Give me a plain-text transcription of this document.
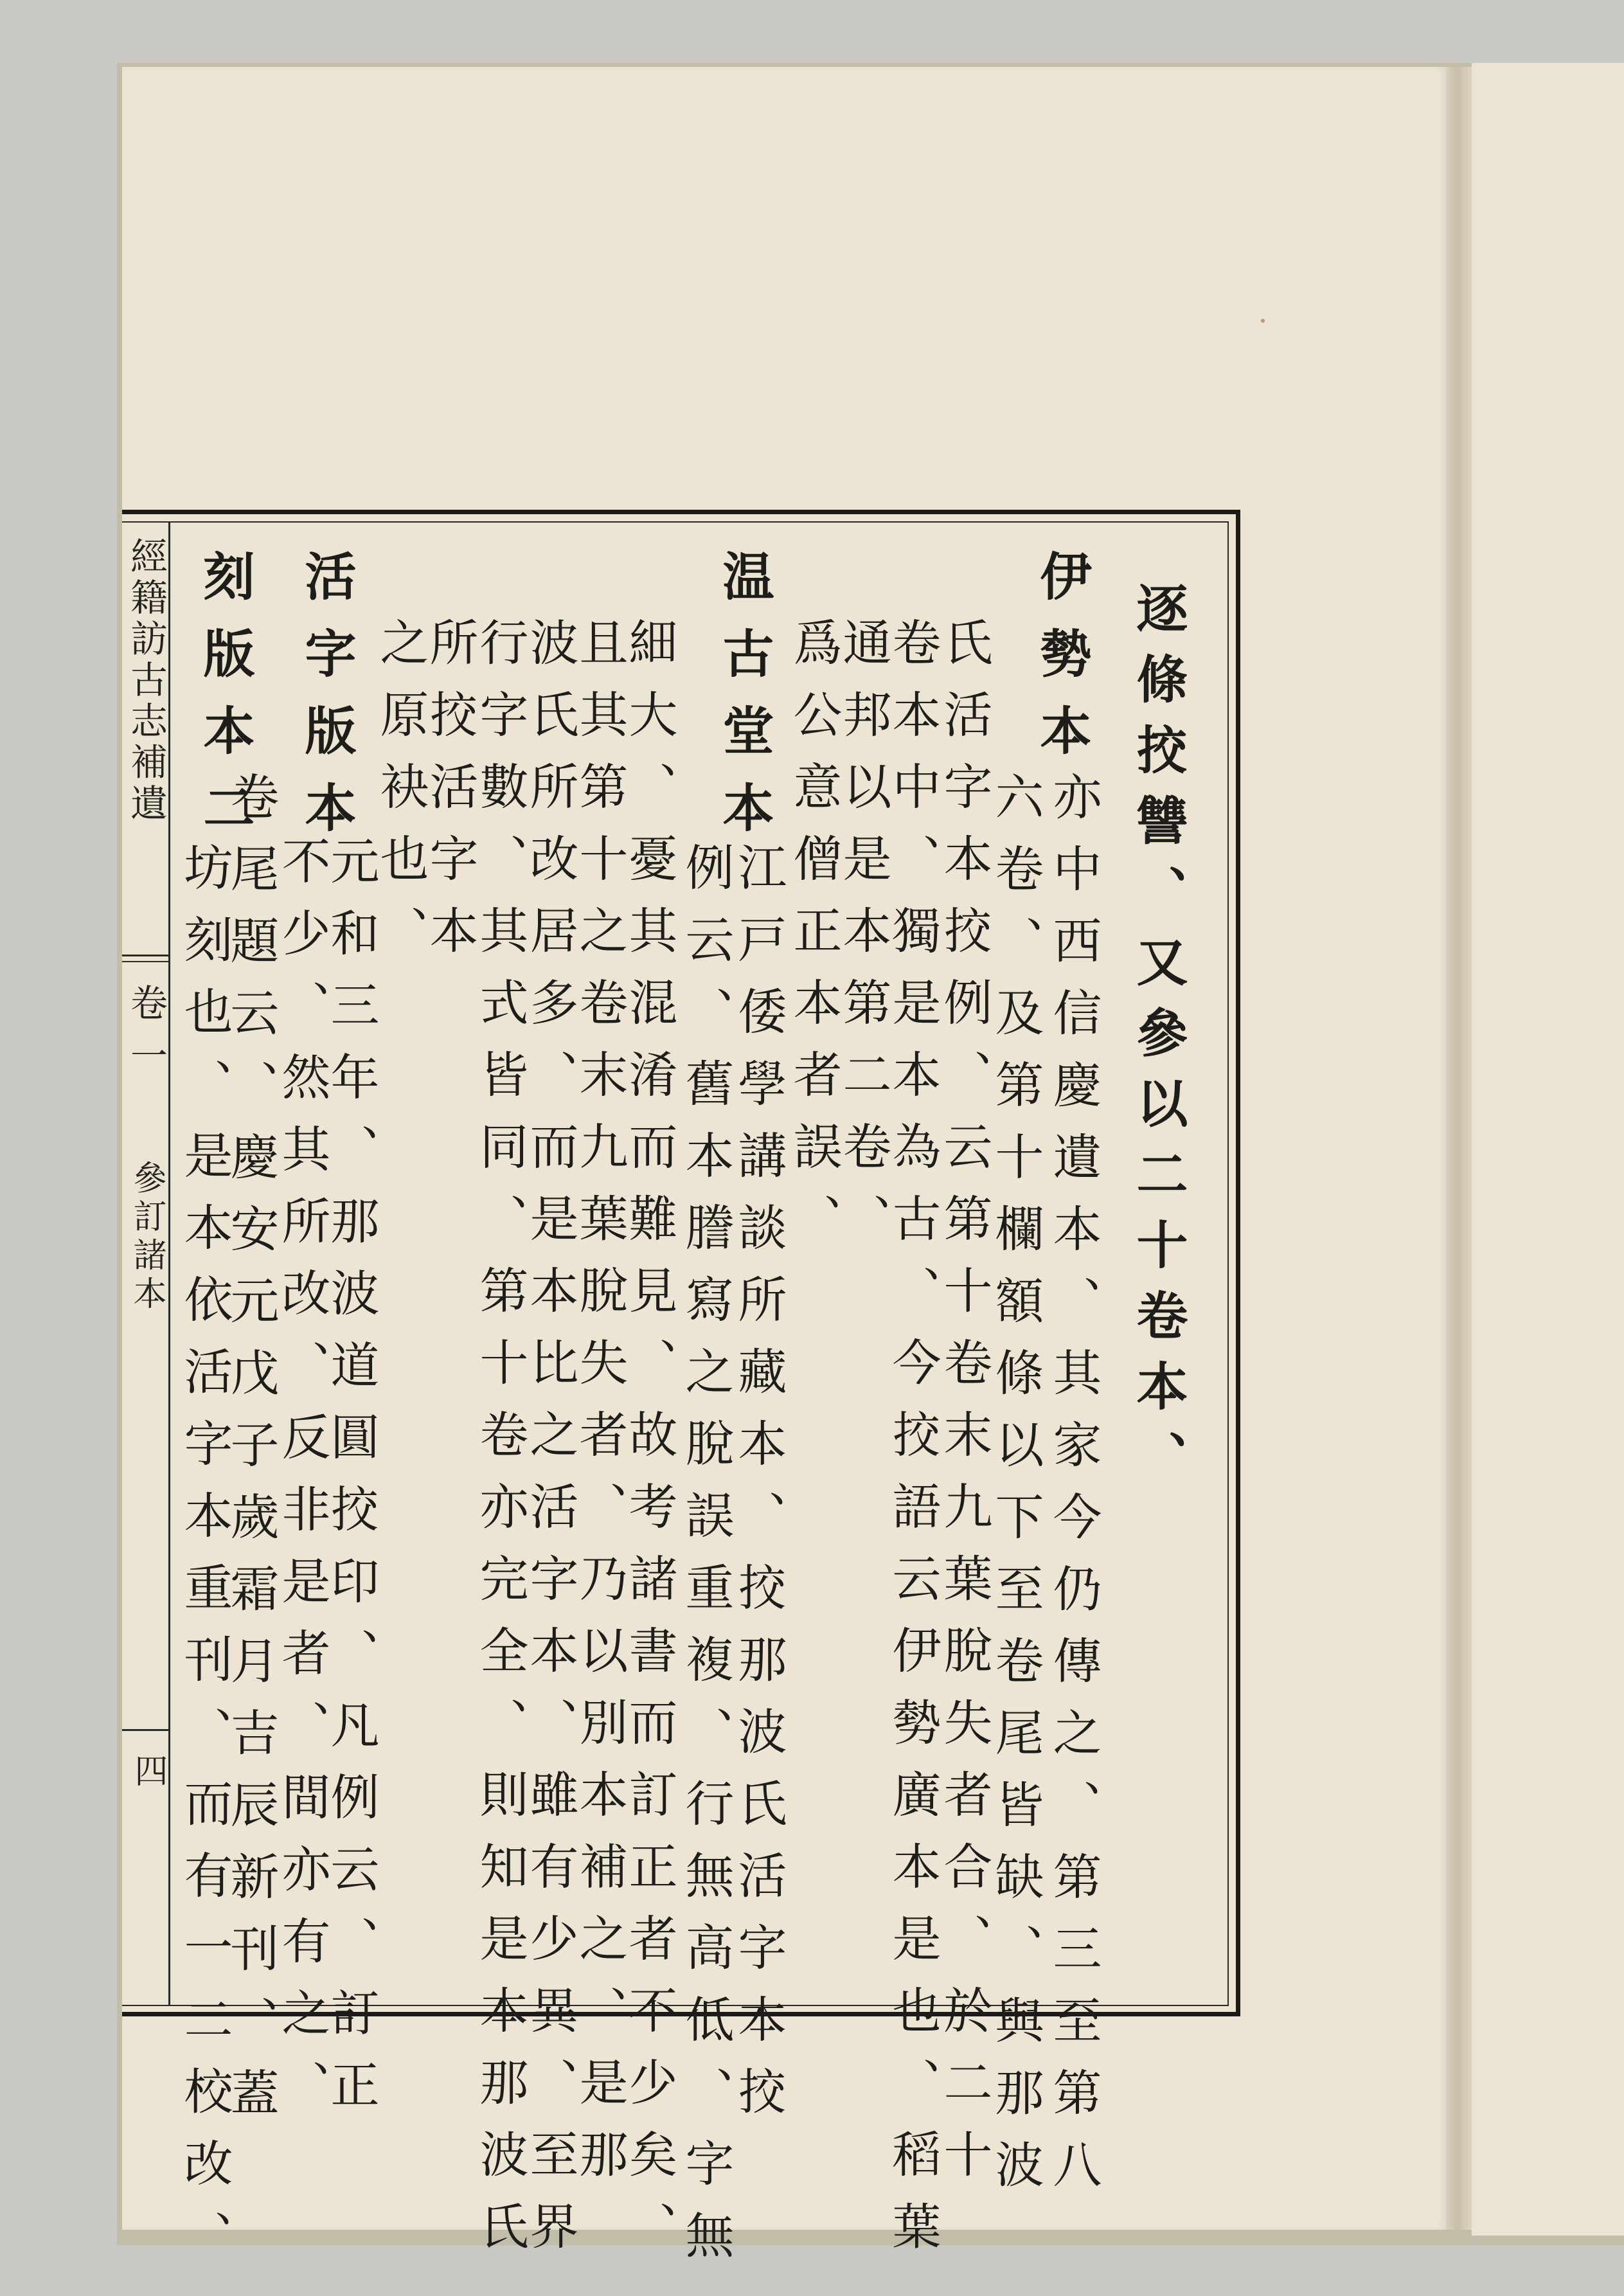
經籍訪古志補遺
卷一
參訂諸本
四
逐條挍讐、又參以二十卷本、
亦中西信慶遺本、其家今仍傳之、第三至第八
伊勢本
六卷、及第十欄額條以下至卷尾皆缺、與那波
氏活字本挍例、云第十卷末九葉脫失者合、於二十
卷本中、獨是本為古、今挍語云伊勢廣本是也、稻葉
通邦以是本第二卷、
爲公意僧正本者誤、
温古堂本
江戸倭學講談所藏本、挍那波氏活字本挍
例云、舊本謄寫之脫誤重複、行無高低、字無
細大、憂其混淆而難見、故考諸書而訂正者不少矣、
且其第十之卷末九葉脫失者、乃以別本補之、是那
波氏所改居多、而是本比之活字本、雖有少異、至界
行字數、其式皆同、第十卷亦完全、則知是本那波氏
所挍活字本
之原袂也、
活字版本
元和三年、那波道圓挍印、凡例云、訂正
不少、然其所改、反非是者、間亦有之、
刻版本二
卷尾題云、慶安元戊子歲霜月吉辰新刊、蓋
坊刻也、是本依活字本重刊、而有一二校改、
